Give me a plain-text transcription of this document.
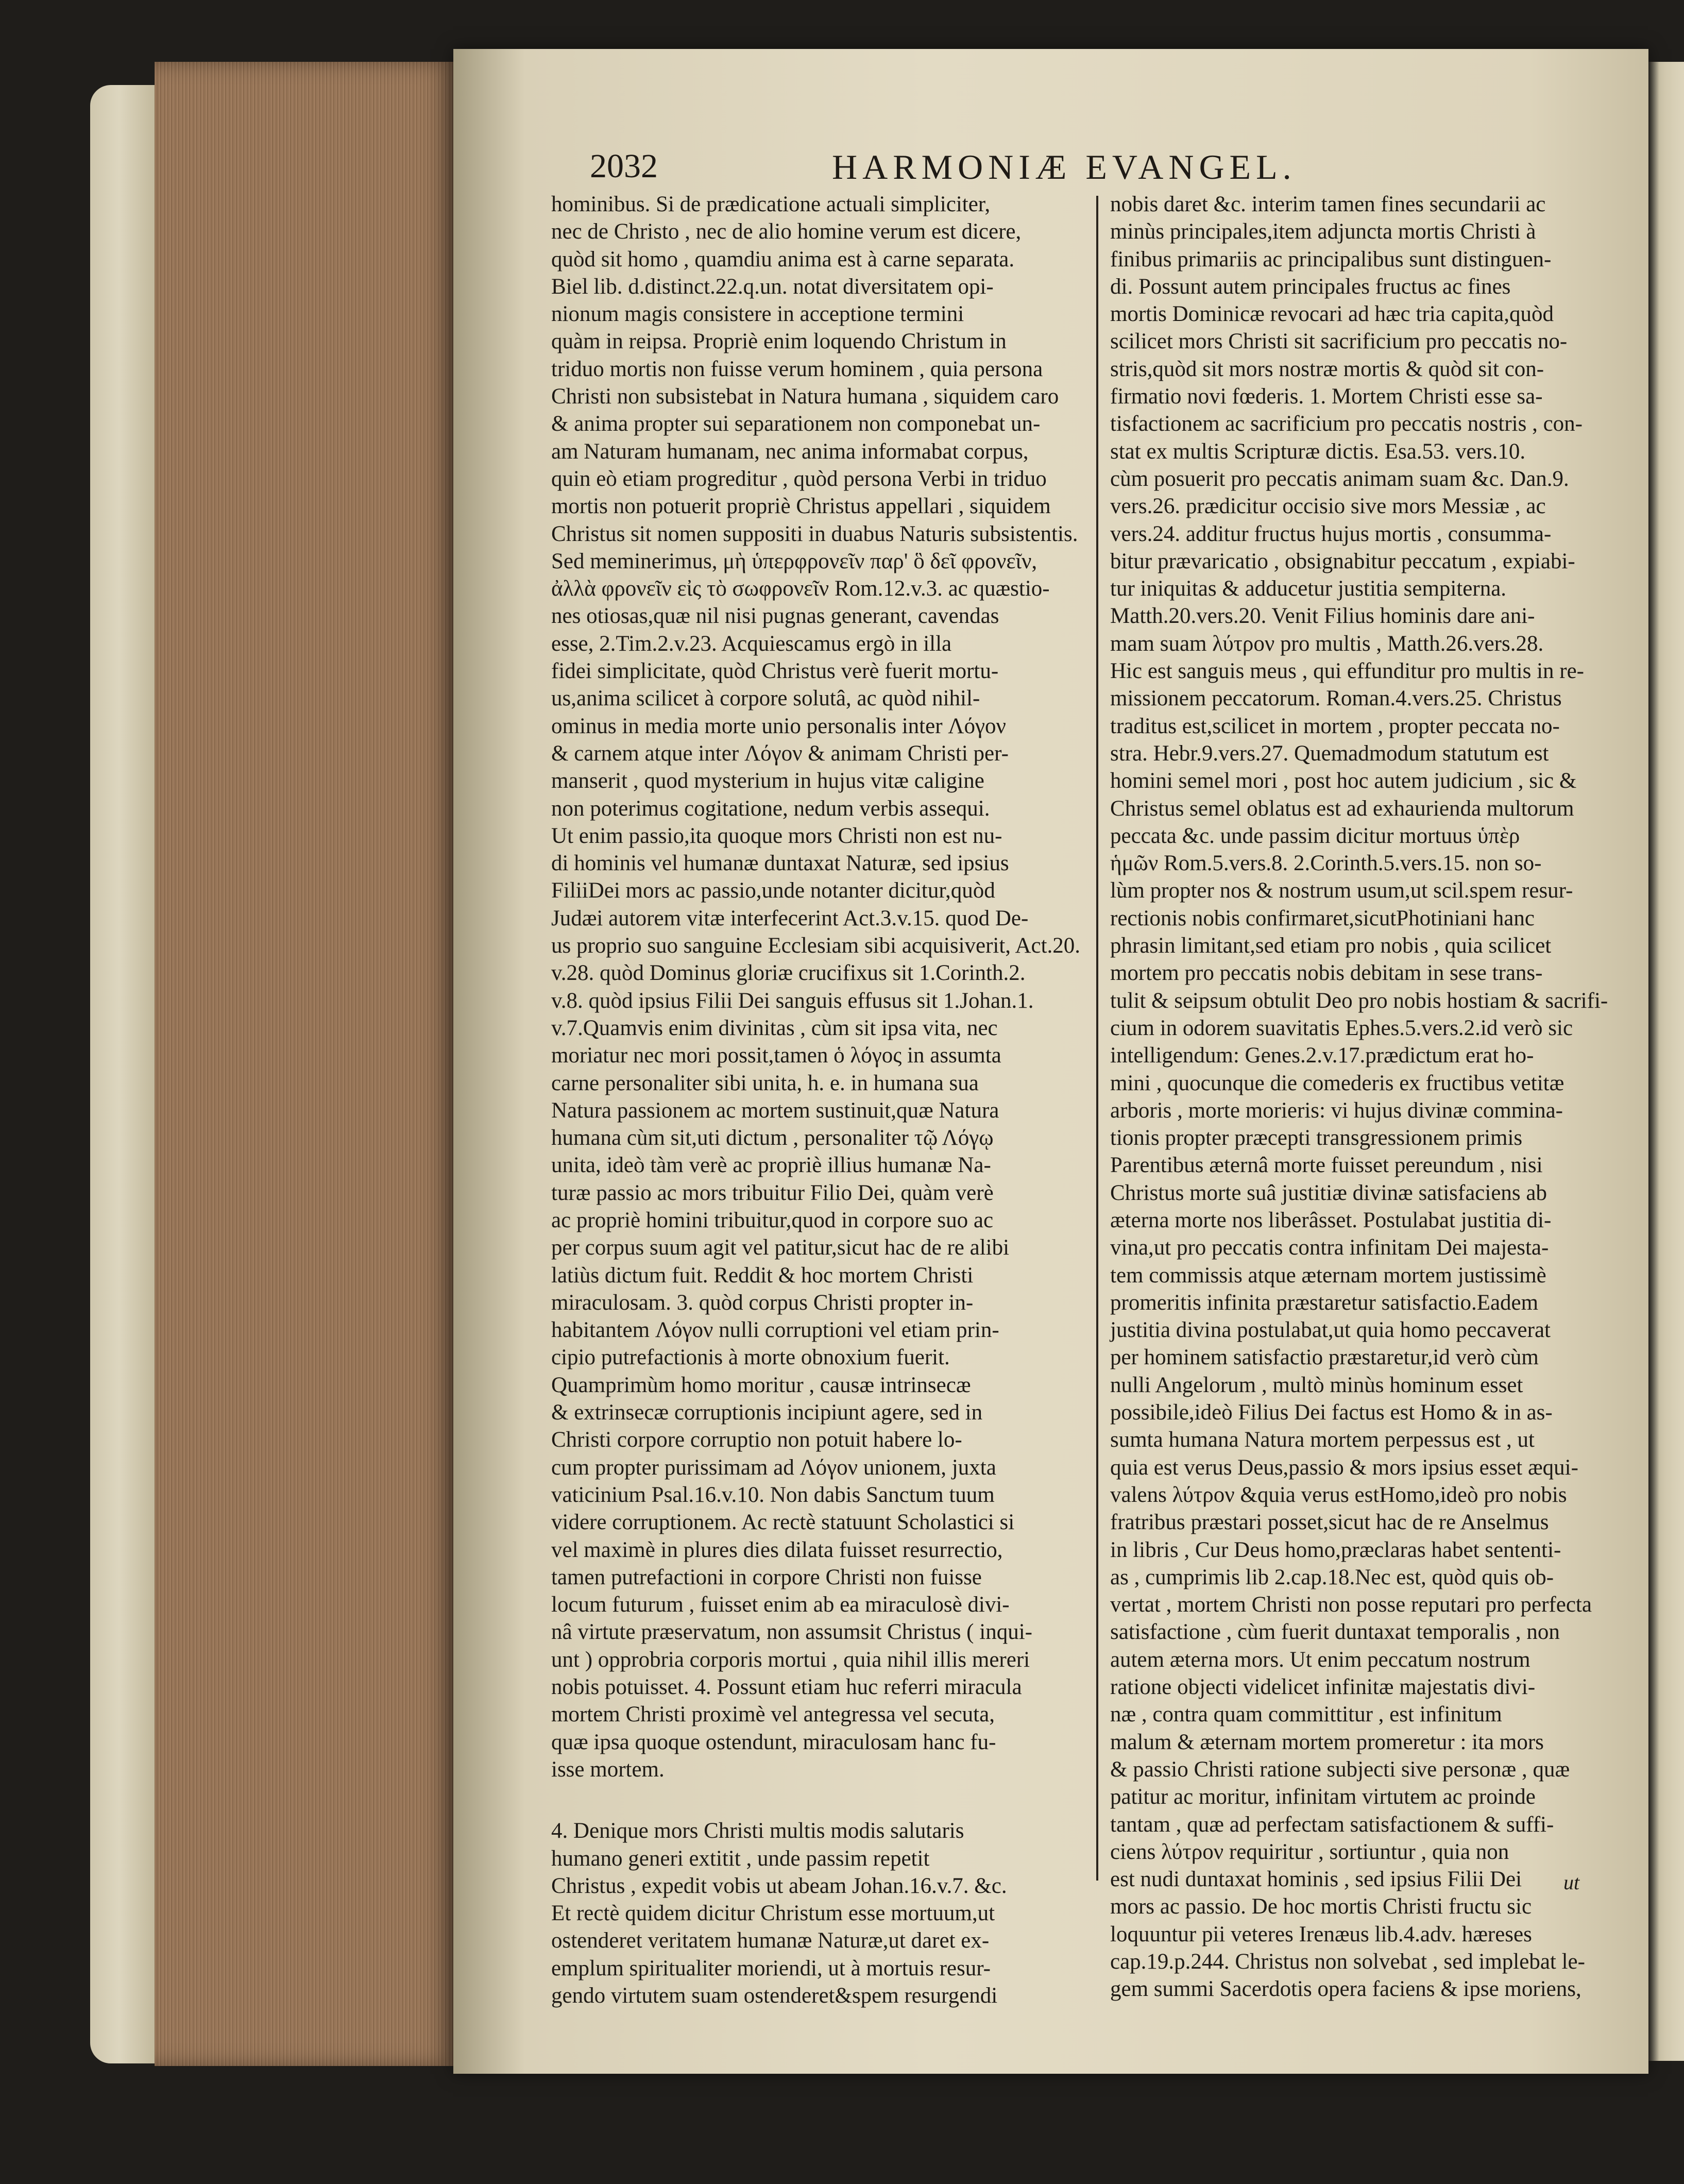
2032	HARMONIÆ EVANGEL.
hominibus. Si de prædicatione actuali simpliciter,
nec de Christo , nec de alio homine verum est dicere,
quòd sit homo , quamdiu anima est à carne separata.
Biel lib. d.distinct.22.q.un. notat diversitatem opi-
nionum magis consistere in acceptione termini
quàm in reipsa. Propriè enim loquendo Christum in
triduo mortis non fuisse verum hominem , quia persona
Christi non subsistebat in Natura humana , siquidem caro
& anima propter sui separationem non componebat un-
am Naturam humanam, nec anima informabat corpus,
quin eò etiam progreditur , quòd persona Verbi in triduo
mortis non potuerit propriè Christus appellari , siquidem
Christus sit nomen suppositi in duabus Naturis subsistentis.
Sed meminerimus, μὴ ὑπερφρονεῖν παρ' ὃ δεῖ φρονεῖν,
ἀλλὰ φρονεῖν εἰς τὸ σωφρονεῖν Rom.12.v.3. ac quæstio-
nes otiosas,quæ nil nisi pugnas generant, cavendas
esse, 2.Tim.2.v.23. Acquiescamus ergò in illa
fidei simplicitate, quòd Christus verè fuerit mortu-
us,anima scilicet à corpore solutâ, ac quòd nihil-
ominus in media morte unio personalis inter Λόγον
& carnem atque inter Λόγον & animam Christi per-
manserit , quod mysterium in hujus vitæ caligine
non poterimus cogitatione, nedum verbis assequi.
Ut enim passio,ita quoque mors Christi non est nu-
di hominis vel humanæ duntaxat Naturæ, sed ipsius
FiliiDei mors ac passio,unde notanter dicitur,quòd
Judæi autorem vitæ interfecerint Act.3.v.15. quod De-
us proprio suo sanguine Ecclesiam sibi acquisiverit, Act.20.
v.28. quòd Dominus gloriæ crucifixus sit 1.Corinth.2.
v.8. quòd ipsius Filii Dei sanguis effusus sit 1.Johan.1.
v.7.Quamvis enim divinitas , cùm sit ipsa vita, nec
moriatur nec mori possit,tamen ὁ λόγος in assumta
carne personaliter sibi unita, h. e. in humana sua
Natura passionem ac mortem sustinuit,quæ Natura
humana cùm sit,uti dictum , personaliter τῷ Λόγῳ
unita, ideò tàm verè ac propriè illius humanæ Na-
turæ passio ac mors tribuitur Filio Dei, quàm verè
ac propriè homini tribuitur,quod in corpore suo ac
per corpus suum agit vel patitur,sicut hac de re alibi
latiùs dictum fuit. Reddit & hoc mortem Christi
miraculosam. 3. quòd corpus Christi propter in-
habitantem Λόγον nulli corruptioni vel etiam prin-
cipio putrefactionis à morte obnoxium fuerit.
Quamprimùm homo moritur , causæ intrinsecæ
& extrinsecæ corruptionis incipiunt agere, sed in
Christi corpore corruptio non potuit habere lo-
cum propter purissimam ad Λόγον unionem, juxta
vaticinium Psal.16.v.10. Non dabis Sanctum tuum
videre corruptionem. Ac rectè statuunt Scholastici si
vel maximè in plures dies dilata fuisset resurrectio,
tamen putrefactioni in corpore Christi non fuisse
locum futurum , fuisset enim ab ea miraculosè divi-
nâ virtute præservatum, non assumsit Christus ( inqui-
unt ) opprobria corporis mortui , quia nihil illis mereri
nobis potuisset. 4. Possunt etiam huc referri miracula
mortem Christi proximè vel antegressa vel secuta,
quæ ipsa quoque ostendunt, miraculosam hanc fu-
isse mortem.
4. Denique mors Christi multis modis salutaris
humano generi extitit , unde passim repetit
Christus , expedit vobis ut abeam Johan.16.v.7. &c.
Et rectè quidem dicitur Christum esse mortuum,ut
ostenderet veritatem humanæ Naturæ,ut daret ex-
emplum spiritualiter moriendi, ut à mortuis resur-
gendo virtutem suam ostenderet&spem resurgendi
nobis daret &c. interim tamen fines secundarii ac
minùs principales,item adjuncta mortis Christi à
finibus primariis ac principalibus sunt distinguen-
di. Possunt autem principales fructus ac fines
mortis Dominicæ revocari ad hæc tria capita,quòd
scilicet mors Christi sit sacrificium pro peccatis no-
stris,quòd sit mors nostræ mortis & quòd sit con-
firmatio novi fœderis. 1. Mortem Christi esse sa-
tisfactionem ac sacrificium pro peccatis nostris , con-
stat ex multis Scripturæ dictis. Esa.53. vers.10.
cùm posuerit pro peccatis animam suam &c. Dan.9.
vers.26. prædicitur occisio sive mors Messiæ , ac
vers.24. additur fructus hujus mortis , consumma-
bitur prævaricatio , obsignabitur peccatum , expiabi-
tur iniquitas & adducetur justitia sempiterna.
Matth.20.vers.20. Venit Filius hominis dare ani-
mam suam λύτρον pro multis , Matth.26.vers.28.
Hic est sanguis meus , qui effunditur pro multis in re-
missionem peccatorum. Roman.4.vers.25. Christus
traditus est,scilicet in mortem , propter peccata no-
stra. Hebr.9.vers.27. Quemadmodum statutum est
homini semel mori , post hoc autem judicium , sic &
Christus semel oblatus est ad exhaurienda multorum
peccata &c. unde passim dicitur mortuus ὑπὲρ
ἡμῶν Rom.5.vers.8. 2.Corinth.5.vers.15. non so-
lùm propter nos & nostrum usum,ut scil.spem resur-
rectionis nobis confirmaret,sicutPhotiniani hanc
phrasin limitant,sed etiam pro nobis , quia scilicet
mortem pro peccatis nobis debitam in sese trans-
tulit & seipsum obtulit Deo pro nobis hostiam & sacrifi-
cium in odorem suavitatis Ephes.5.vers.2.id verò sic
intelligendum: Genes.2.v.17.prædictum erat ho-
mini , quocunque die comederis ex fructibus vetitæ
arboris , morte morieris: vi hujus divinæ commina-
tionis propter præcepti transgressionem primis
Parentibus æternâ morte fuisset pereundum , nisi
Christus morte suâ justitiæ divinæ satisfaciens ab
æterna morte nos liberâsset. Postulabat justitia di-
vina,ut pro peccatis contra infinitam Dei majesta-
tem commissis atque æternam mortem justissimè
promeritis infinita præstaretur satisfactio.Eadem
justitia divina postulabat,ut quia homo peccaverat
per hominem satisfactio præstaretur,id verò cùm
nulli Angelorum , multò minùs hominum esset
possibile,ideò Filius Dei factus est Homo & in as-
sumta humana Natura mortem perpessus est , ut
quia est verus Deus,passio & mors ipsius esset æqui-
valens λύτρον &quia verus estHomo,ideò pro nobis
fratribus præstari posset,sicut hac de re Anselmus
in libris , Cur Deus homo,præclaras habet sententi-
as , cumprimis lib 2.cap.18.Nec est, quòd quis ob-
vertat , mortem Christi non posse reputari pro perfecta
satisfactione , cùm fuerit duntaxat temporalis , non
autem æterna mors. Ut enim peccatum nostrum
ratione objecti videlicet infinitæ majestatis divi-
næ , contra quam committitur , est infinitum
malum & æternam mortem promeretur : ita mors
& passio Christi ratione subjecti sive personæ , quæ
patitur ac moritur, infinitam virtutem ac proinde
tantam , quæ ad perfectam satisfactionem & suffi-
ciens λύτρον requiritur , sortiuntur , quia non
est nudi duntaxat hominis , sed ipsius Filii Dei
mors ac passio. De hoc mortis Christi fructu sic
loquuntur pii veteres Irenæus lib.4.adv. hæreses
cap.19.p.244. Christus non solvebat , sed implebat le-
gem summi Sacerdotis opera faciens & ipse moriens,
ut
